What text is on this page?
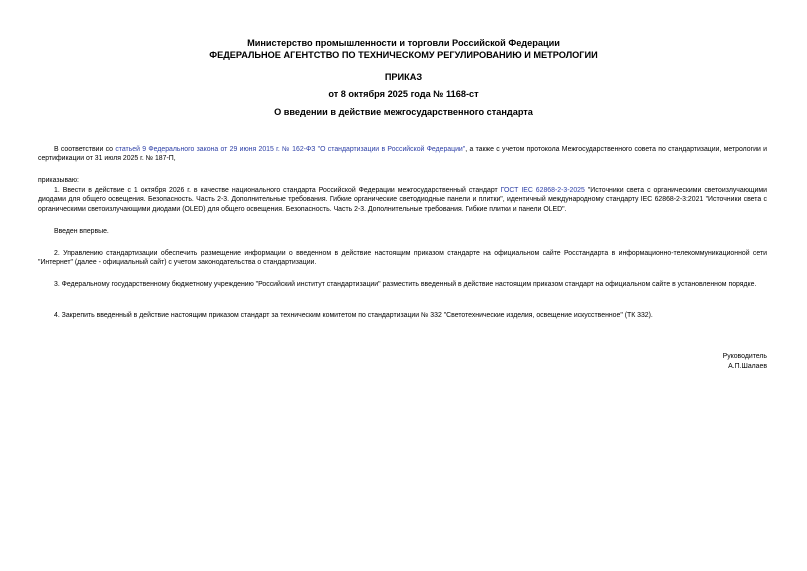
Министерство промышленности и торговли Российской Федерации
ФЕДЕРАЛЬНОЕ АГЕНТСТВО ПО ТЕХНИЧЕСКОМУ РЕГУЛИРОВАНИЮ И МЕТРОЛОГИИ
ПРИКАЗ
от 8 октября 2025 года № 1168-ст
О введении в действие межгосударственного стандарта
В соответствии со статьей 9 Федерального закона от 29 июня 2015 г. № 162-ФЗ "О стандартизации в Российской Федерации", а также с учетом протокола Межгосударственного совета по стандартизации, метрологии и сертификации от 31 июля 2025 г. № 187-П,
приказываю:
1. Ввести в действие с 1 октября 2026 г. в качестве национального стандарта Российской Федерации межгосударственный стандарт ГОСТ IEC 62868-2-3-2025 "Источники света с органическими светоизлучающими диодами для общего освещения. Безопасность. Часть 2-3. Дополнительные требования. Гибкие органические светодиодные панели и плитки", идентичный международному стандарту IEC 62868-2-3:2021 "Источники света с органическими светоизлучающими диодами (OLED) для общего освещения. Безопасность. Часть 2-3. Дополнительные требования. Гибкие плитки и панели OLED".
Введен впервые.
2. Управлению стандартизации обеспечить размещение информации о введенном в действие настоящим приказом стандарте на официальном сайте Росстандарта в информационно-телекоммуникационной сети "Интернет" (далее - официальный сайт) с учетом законодательства о стандартизации.
3. Федеральному государственному бюджетному учреждению "Российский институт стандартизации" разместить введенный в действие настоящим приказом стандарт на официальном сайте в установленном порядке.
4. Закрепить введенный в действие настоящим приказом стандарт за техническим комитетом по стандартизации № 332 "Светотехнические изделия, освещение искусственное" (ТК 332).
Руководитель
А.П.Шалаев
